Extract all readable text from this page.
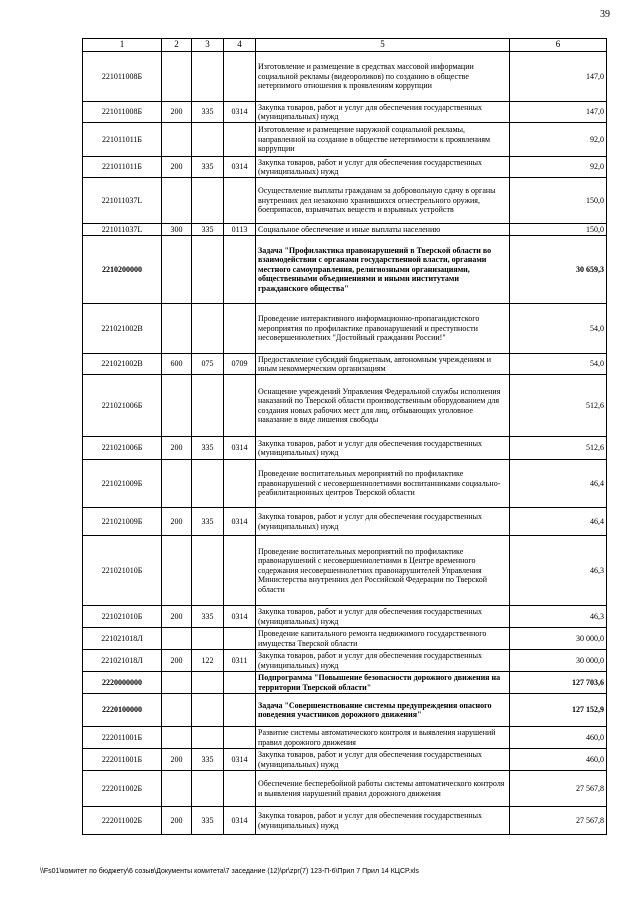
39
1	2	3	4	5	6
221011008Б				Изготовление и размещение в средствах массовой информации социальной рекламы (видеороликов) по созданию в обществе нетерпимого отношения к проявлениям коррупции	147,0
221011008Б	200	335	0314	Закупка товаров, работ и услуг для обеспечения государственных (муниципальных) нужд	147,0
221011011Б				Изготовление и размещение наружной социальной рекламы, направленной на создание в обществе нетерпимости к проявлениям коррупции	92,0
221011011Б	200	335	0314	Закупка товаров, работ и услуг для обеспечения государственных (муниципальных) нужд	92,0
221011037L				Осуществление выплаты гражданам за добровольную сдачу в органы внутренних дел незаконно хранившихся огнестрельного оружия, боеприпасов, взрывчатых веществ и взрывных устройств	150,0
221011037L	300	335	0113	Социальное обеспечение и иные выплаты населению	150,0
2210200000				Задача "Профилактика правонарушений в Тверской области во взаимодействии с органами государственной власти, органами местного самоуправления, религиозными организациями, общественными объединениями и иными институтами гражданского общества"	30 659,3
221021002В				Проведение интерактивного информационно-пропагандистского мероприятия по профилактике правонарушений и преступности несовершеннолетних "Достойный гражданин России!"	54,0
221021002В	600	075	0709	Предоставление субсидий бюджетным, автономным учреждениям и иным некоммерческим организациям	54,0
221021006Б				Оснащение учреждений Управления Федеральной службы исполнения наказаний по Тверской области производственным оборудованием для создания новых рабочих мест для лиц, отбывающих уголовное наказание в виде лишения свободы	512,6
221021006Б	200	335	0314	Закупка товаров, работ и услуг для обеспечения государственных (муниципальных) нужд	512,6
221021009Б				Проведение воспитательных мероприятий по профилактике правонарушений с несовершеннолетними воспитанниками социально-реабилитационных центров Тверской области	46,4
221021009Б	200	335	0314	Закупка товаров, работ и услуг для обеспечения государственных (муниципальных) нужд	46,4
221021010Б				Проведение воспитательных мероприятий по профилактике правонарушений с несовершеннолетними в Центре временного содержания несовершеннолетних правонарушителей Управления Министерства внутренних дел Российской Федерации по Тверской области	46,3
221021010Б	200	335	0314	Закупка товаров, работ и услуг для обеспечения государственных (муниципальных) нужд	46,3
221021018Л				Проведение капитального ремонта недвижимого государственного имущества Тверской области	30 000,0
221021018Л	200	122	0311	Закупка товаров, работ и услуг для обеспечения государственных (муниципальных) нужд	30 000,0
2220000000				Подпрограмма "Повышение безопасности дорожного движения на территории Тверской области"	127 703,6
2220100000				Задача "Совершенствование системы предупреждения опасного поведения участников дорожного движения"	127 152,9
222011001Б				Развитие системы автоматического контроля и выявления нарушений правил дорожного движения	460,0
222011001Б	200	335	0314	Закупка товаров, работ и услуг для обеспечения государственных (муниципальных) нужд	460,0
222011002Б				Обеспечение бесперебойной работы системы автоматического контроля и выявления нарушений правил дорожного движения	27 567,8
222011002Б	200	335	0314	Закупка товаров, работ и услуг для обеспечения государственных (муниципальных) нужд	27 567,8
\\Fs01\комитет по бюджету\6 созыв\Документы комитета\7 заседание (12)\pr\zpr(7) 123-П-6\Прил 7 Прил 14 КЦСР.xls
